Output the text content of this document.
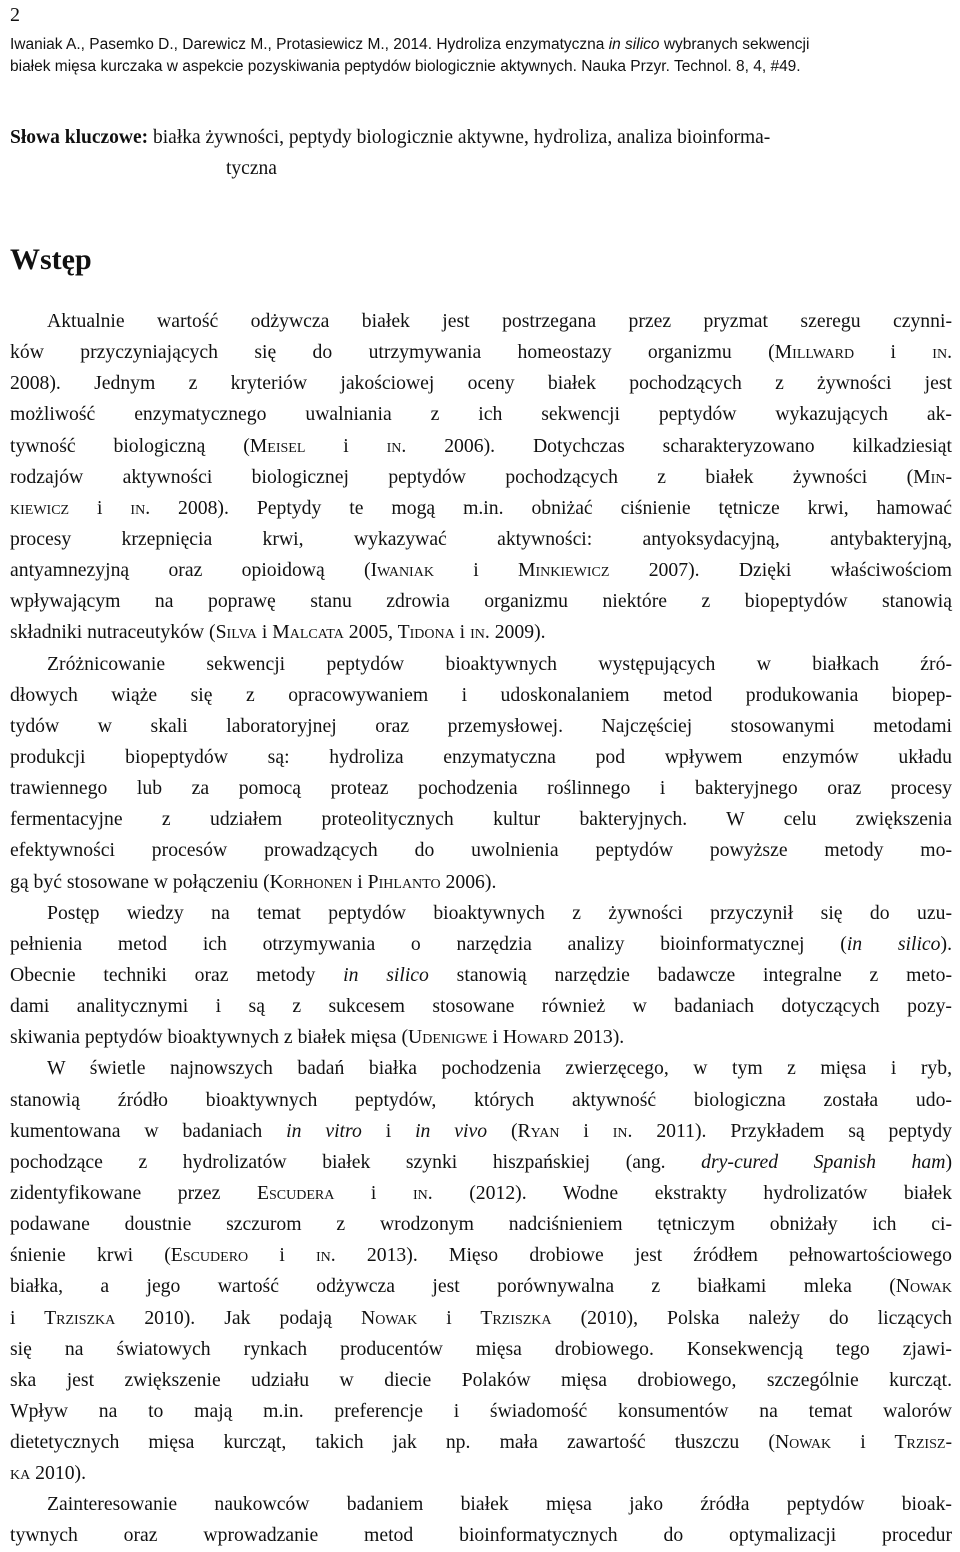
2
Iwaniak A., Pasemko D., Darewicz M., Protasiewicz M., 2014. Hydroliza enzymatyczna in silico wybranych sekwencji
białek mięsa kurczaka w aspekcie pozyskiwania peptydów biologicznie aktywnych. Nauka Przyr. Technol. 8, 4, #49.
Słowa kluczowe: białka żywności, peptydy biologicznie aktywne, hydroliza, analiza bioinforma-
tyczna
Wstęp
Aktualnie wartość odżywcza białek jest postrzegana przez pryzmat szeregu czynni-
ków przyczyniających się do utrzymywania homeostazy organizmu (Millward i in.
2008). Jednym z kryteriów jakościowej oceny białek pochodzących z żywności jest
możliwość enzymatycznego uwalniania z ich sekwencji peptydów wykazujących ak-
tywność biologiczną (Meisel i in. 2006). Dotychczas scharakteryzowano kilkadziesiąt
rodzajów aktywności biologicznej peptydów pochodzących z białek żywności (Min-
kiewicz i in. 2008). Peptydy te mogą m.in. obniżać ciśnienie tętnicze krwi, hamować
procesy krzepnięcia krwi, wykazywać aktywności: antyoksydacyjną, antybakteryjną,
antyamnezyjną oraz opioidową (Iwaniak i Minkiewicz 2007). Dzięki właściwościom
wpływającym na poprawę stanu zdrowia organizmu niektóre z biopeptydów stanowią
składniki nutraceutyków (Silva i Malcata 2005, Tidona i in. 2009).
Zróżnicowanie sekwencji peptydów bioaktywnych występujących w białkach źró-
dłowych wiąże się z opracowywaniem i udoskonalaniem metod produkowania biopep-
tydów w skali laboratoryjnej oraz przemysłowej. Najczęściej stosowanymi metodami
produkcji biopeptydów są: hydroliza enzymatyczna pod wpływem enzymów układu
trawiennego lub za pomocą proteaz pochodzenia roślinnego i bakteryjnego oraz procesy
fermentacyjne z udziałem proteolitycznych kultur bakteryjnych. W celu zwiększenia
efektywności procesów prowadzących do uwolnienia peptydów powyższe metody mo-
gą być stosowane w połączeniu (Korhonen i Pihlanto 2006).
Postęp wiedzy na temat peptydów bioaktywnych z żywności przyczynił się do uzu-
pełnienia metod ich otrzymywania o narzędzia analizy bioinformatycznej (in silico).
Obecnie techniki oraz metody in silico stanowią narzędzie badawcze integralne z meto-
dami analitycznymi i są z sukcesem stosowane również w badaniach dotyczących pozy-
skiwania peptydów bioaktywnych z białek mięsa (Udenigwe i Howard 2013).
W świetle najnowszych badań białka pochodzenia zwierzęcego, w tym z mięsa i ryb,
stanowią źródło bioaktywnych peptydów, których aktywność biologiczna została udo-
kumentowana w badaniach in vitro i in vivo (Ryan i in. 2011). Przykładem są peptydy
pochodzące z hydrolizatów białek szynki hiszpańskiej (ang. dry-cured Spanish ham)
zidentyfikowane przez Escudera i in. (2012). Wodne ekstrakty hydrolizatów białek
podawane doustnie szczurom z wrodzonym nadciśnieniem tętniczym obniżały ich ci-
śnienie krwi (Escudero i in. 2013). Mięso drobiowe jest źródłem pełnowartościowego
białka, a jego wartość odżywcza jest porównywalna z białkami mleka (Nowak
i Trziszka 2010). Jak podają Nowak i Trziszka (2010), Polska należy do liczących
się na światowych rynkach producentów mięsa drobiowego. Konsekwencją tego zjawi-
ska jest zwiększenie udziału w diecie Polaków mięsa drobiowego, szczególnie kurcząt.
Wpływ na to mają m.in. preferencje i świadomość konsumentów na temat walorów
dietetycznych mięsa kurcząt, takich jak np. mała zawartość tłuszczu (Nowak i Trzisz-
ka 2010).
Zainteresowanie naukowców badaniem białek mięsa jako źródła peptydów bioak-
tywnych oraz wprowadzanie metod bioinformatycznych do optymalizacji procedur
